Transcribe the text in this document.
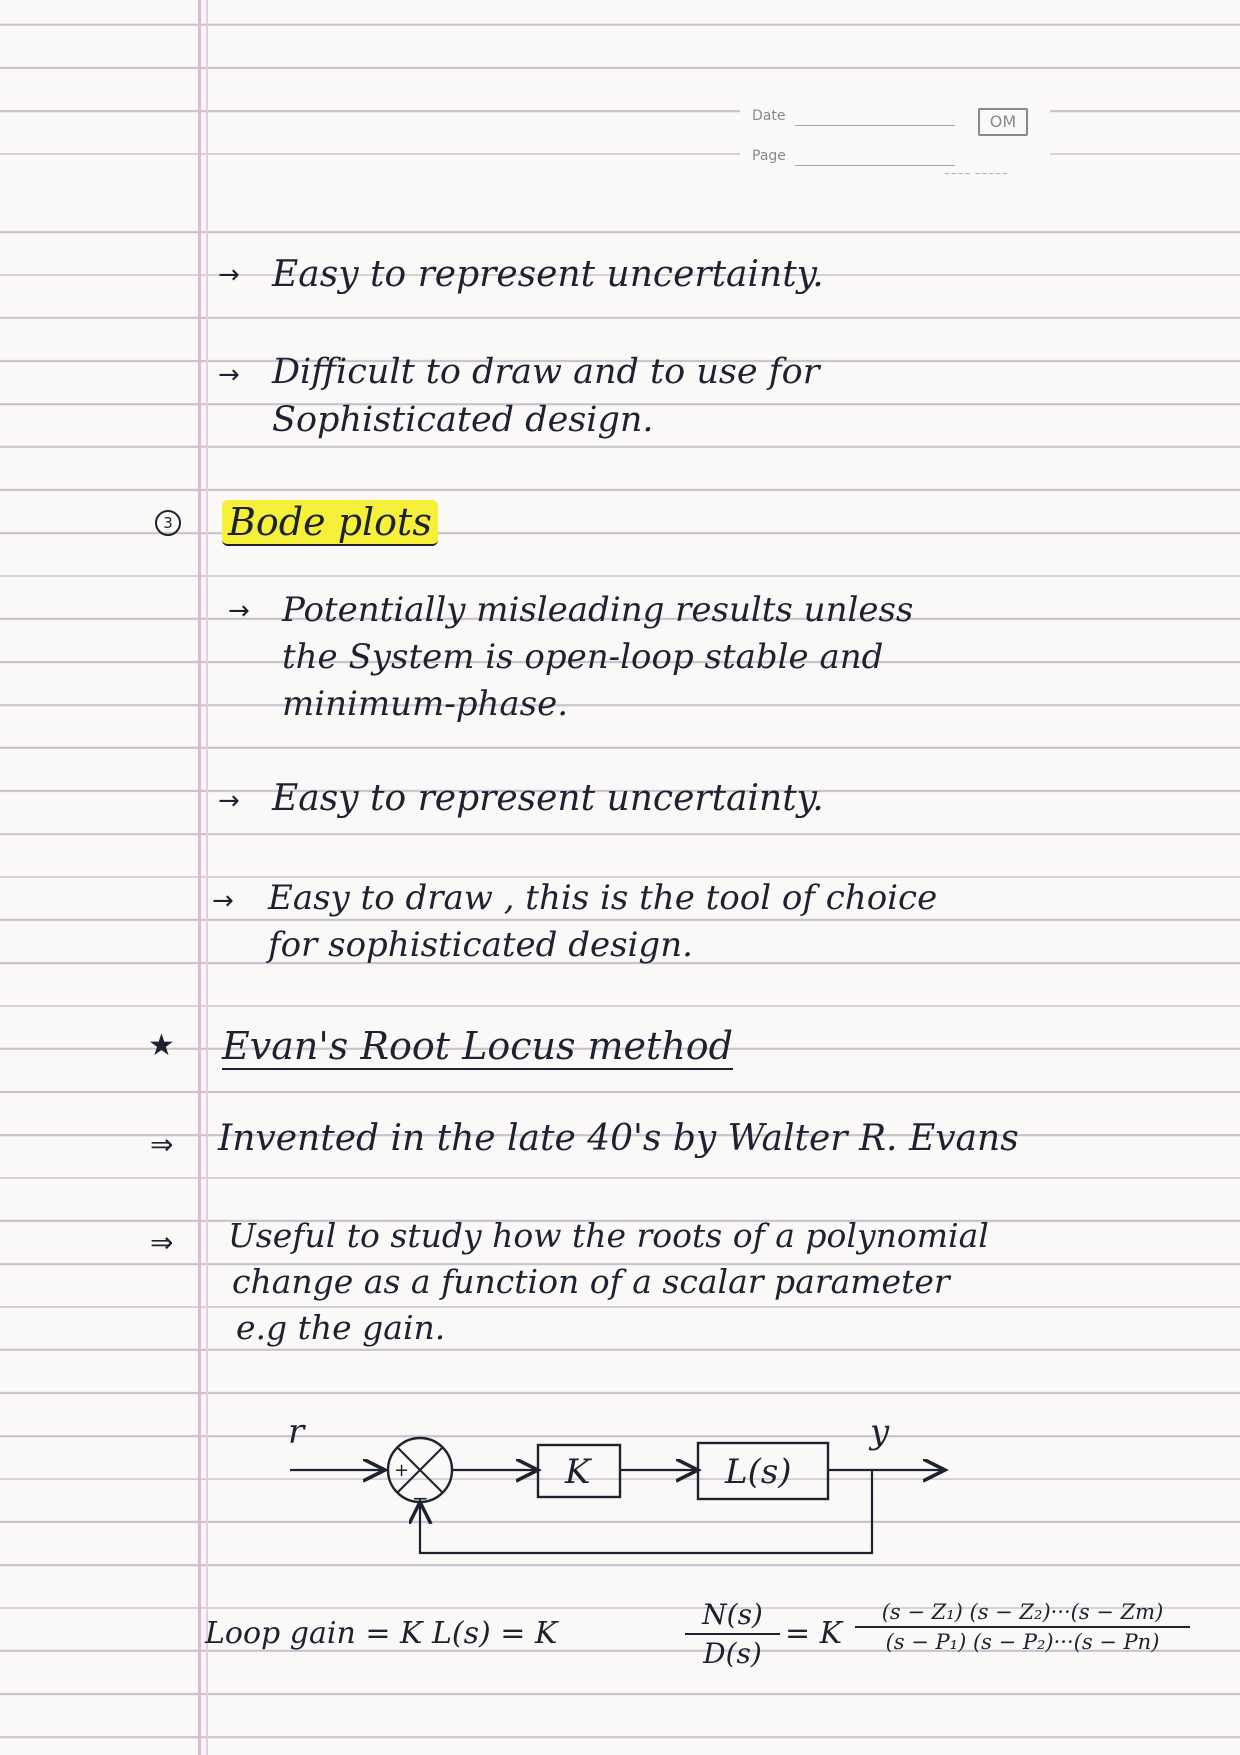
Date
Page
OM
~~~~ ~~~~~
→ Easy to represent uncertainty.
→ Difficult to draw and to use for
Sophisticated design.
3 Bode plots
→ Potentially misleading results unless
the System is open-loop stable and
minimum-phase.
→ Easy to represent uncertainty.
→ Easy to draw , this is the tool of choice
for sophisticated design.
★ Evan's Root Locus method
⇒ Invented in the late 40's by Walter R. Evans
⇒ Useful to study how the roots of a polynomial
change as a function of a scalar parameter
e.g the gain.
r
+
−
K	L(s)
y
Loop gain = K L(s) = K
N(s)
D(s)
= K
(s − Z₁) (s − Z₂)···(s − Zm)
(s − P₁) (s − P₂)···(s − Pn)
